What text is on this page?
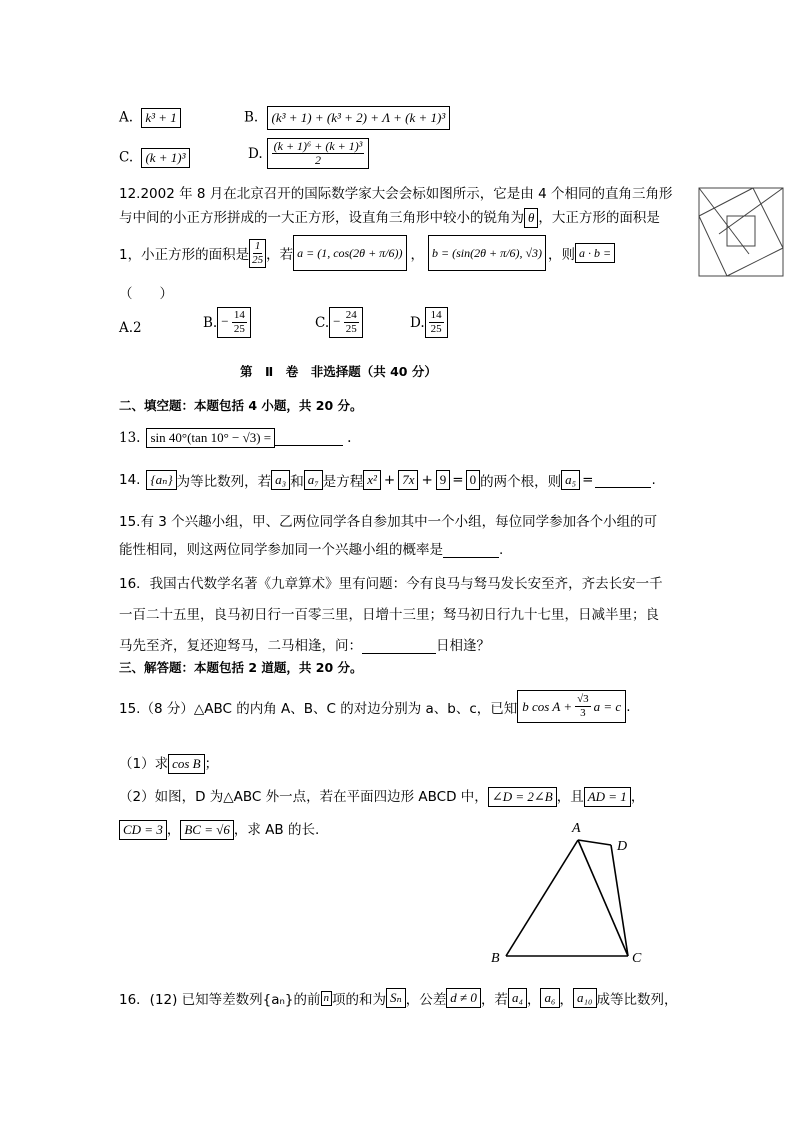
A. k³ + 1	B. (k³ + 1) + (k³ + 2) + Λ + (k + 1)³
C. (k + 1)³	D. $\frac{\text{(k + 1)⁶ + (k + 1)³}}{2}$
12.2002 年 8 月在北京召开的国际数学家大会会标如图所示，它是由 4 个相同的直角三角形
与中间的小正方形拼成的一大正方形，设直角三角形中较小的锐角为 θ ，大正方形的面积是
1，小正方形的面积是 $\frac{1}{25}$ ，若 a = (1, cos(2θ + π/6)) ， b = (sin(2θ + π/6), √3) ，则 a · b =
（　　）
A.2	B. − $\frac{14}{25}$	C. − $\frac{24}{25}$	D. $\frac{14}{25}$
第　Ⅱ　卷　非选择题（共 40 分）
二、填空题：本题包括 4 小题，共 20 分。
13. sin 40°(tan 10° − √3) =	.
14. {aₙ} 为等比数列，若 a₃ 和 a₇ 是方程 x² + 7x + 9 = 0 的两个根，则 a₅ =	.
15.有 3 个兴趣小组，甲、乙两位同学各自参加其中一个小组，每位同学参加各个小组的可
能性相同，则这两位同学参加同一个兴趣小组的概率是	.
16．我国古代数学名著《九章算术》里有问题：今有良马与驽马发长安至齐，齐去长安一千
一百二十五里，良马初日行一百零三里，日增十三里；驽马初日行九十七里，日减半里；良
马先至齐，复还迎驽马，二马相逢，问：	日相逢？
三、解答题：本题包括 2 道题，共 20 分。
15.（8 分）△ABC 的内角 A、B、C 的对边分别为 a、b、c，已知 b $\cos A + \frac{√3}{3}$ a = c .
（1）求 cos B ；
（2）如图，D 为△ABC 外一点，若在平面四边形 ABCD 中， ∠D = 2∠B ，且 AD = 1 ，
CD = 3 ， BC = √6 ，求 AB 的长.	A
D
B	C
16．(12) 已知等差数列{aₙ}的前 n 项的和为 Sₙ ，公差 d ≠ 0 ，若 a₄ ， a₆ ， a₁₀ 成等比数列，
